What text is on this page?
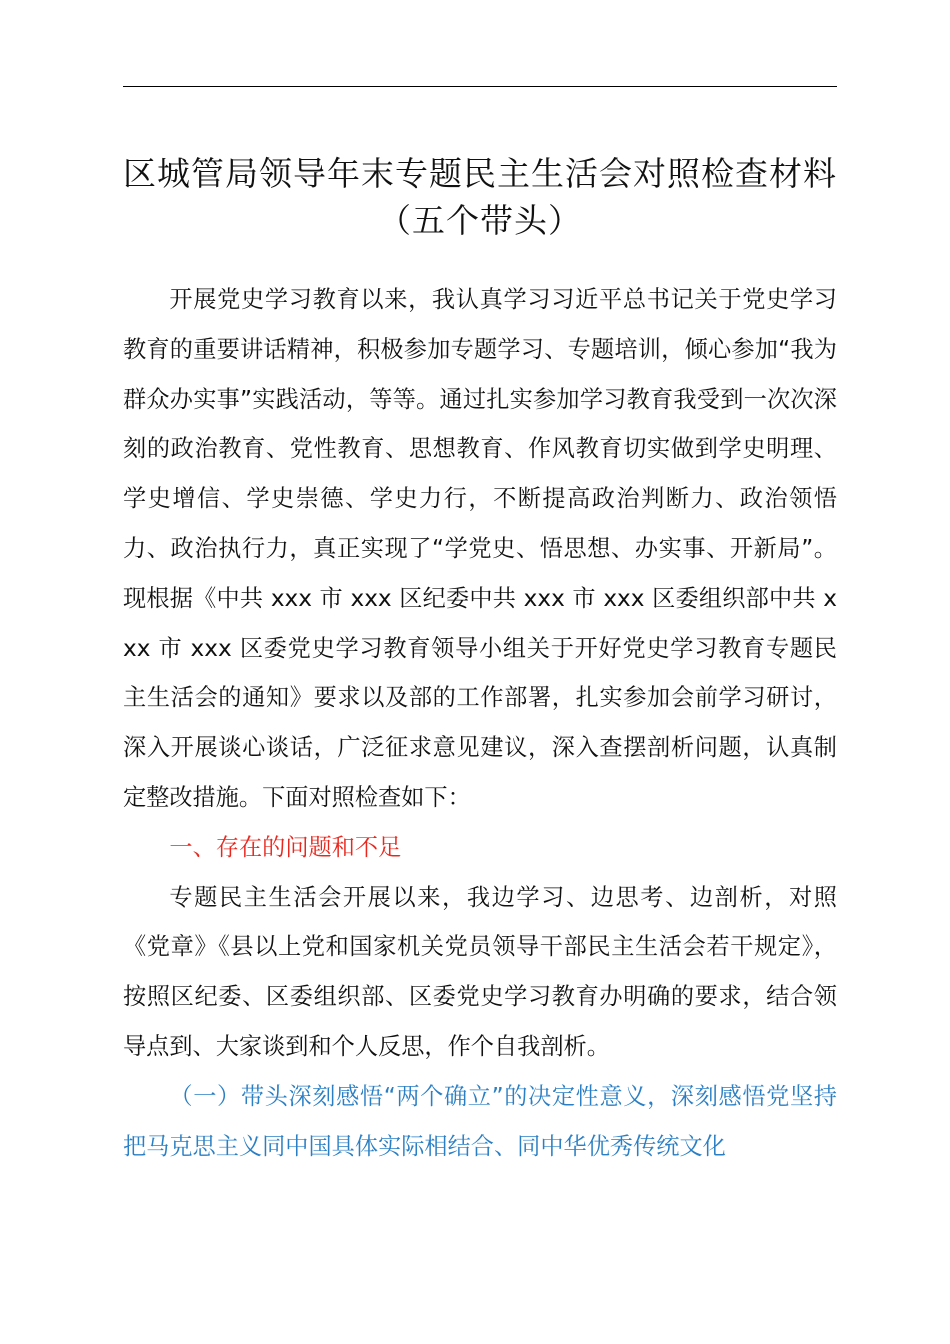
区城管局领导年末专题民主生活会对照检查材料（五个带头）

开展党史学习教育以来，我认真学习习近平总书记关于党史学习教育的重要讲话精神，积极参加专题学习、专题培训，倾心参加“我为群众办实事”实践活动，等等。通过扎实参加学习教育我受到一次次深刻的政治教育、党性教育、思想教育、作风教育切实做到学史明理、学史增信、学史崇德、学史力行，不断提高政治判断力、政治领悟力、政治执行力，真正实现了“学党史、悟思想、办实事、开新局”。现根据《中共 xxx 市 xxx 区纪委中共 xxx 市 xxx 区委组织部中共 xxx 市 xxx 区委党史学习教育领导小组关于开好党史学习教育专题民主生活会的通知》要求以及部的工作部署，扎实参加会前学习研讨，深入开展谈心谈话，广泛征求意见建议，深入查摆剖析问题，认真制定整改措施。下面对照检查如下：

一、存在的问题和不足

专题民主生活会开展以来，我边学习、边思考、边剖析，对照《党章》《县以上党和国家机关党员领导干部民主生活会若干规定》，按照区纪委、区委组织部、区委党史学习教育办明确的要求，结合领导点到、大家谈到和个人反思，作个自我剖析。

（一）带头深刻感悟“两个确立”的决定性意义，深刻感悟党坚持把马克思主义同中国具体实际相结合、同中华优秀传统文化
